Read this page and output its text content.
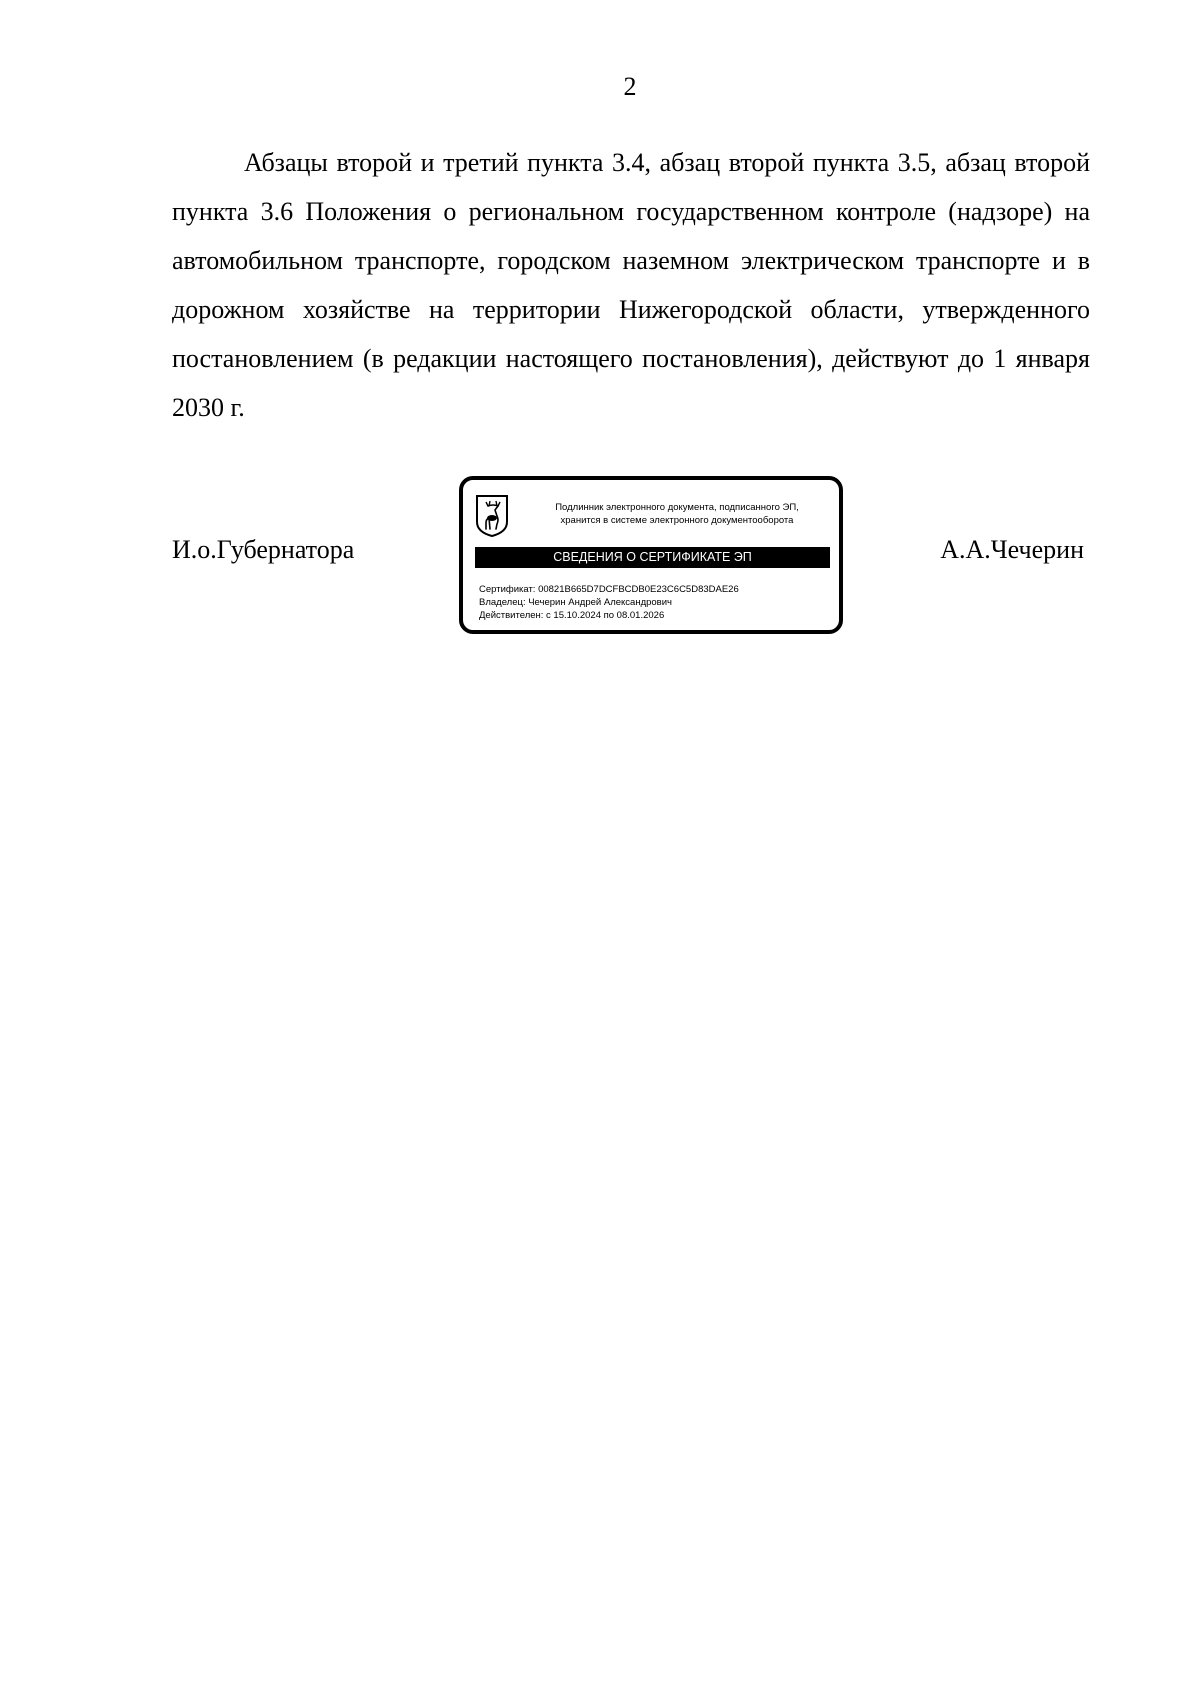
2

Абзацы второй и третий пункта 3.4, абзац второй пункта 3.5, абзац второй пункта 3.6 Положения о региональном государственном контроле (надзоре) на автомобильном транспорте, городском наземном электрическом транспорте и в дорожном хозяйстве на территории Нижегородской области, утвержденного постановлением (в редакции настоящего постановления), действуют до 1 января 2030 г.

И.о.Губернатора
Подлинник электронного документа, подписанного ЭП,
хранится в системе электронного документооборота
СВЕДЕНИЯ О СЕРТИФИКАТЕ ЭП
Сертификат: 00821B665D7DCFBCDB0E23C6C5D83DAE26
Владелец: Чечерин Андрей Александрович
Действителен: с 15.10.2024 по 08.01.2026
А.А.Чечерин
